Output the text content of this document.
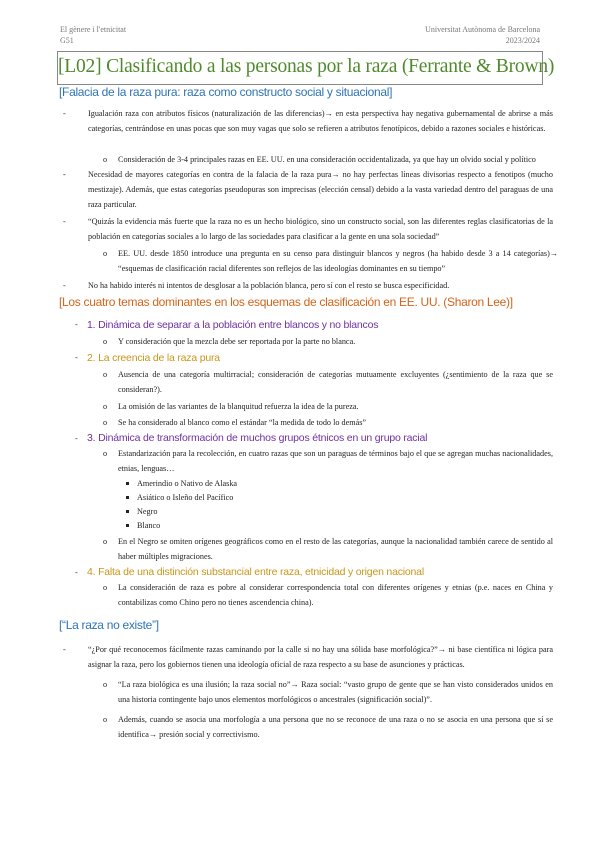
El gènere i l'etnicitat
G51
Universitat Autònoma de Barcelona
2023/2024
[L02] Clasificando a las personas por la raza (Ferrante & Brown)
[Falacia de la raza pura: raza como constructo social y situacional]
-	Igualación raza con atributos físicos (naturalización de las diferencias)→ en esta perspectiva hay negativa gubernamental de abrirse a más categorías, centrándose en unas pocas que son muy vagas que solo se refieren a atributos fenotípicos, debido a razones sociales e históricas.
o Consideración de 3-4 principales razas en EE. UU. en una consideración occidentalizada, ya que hay un olvido social y político
-	Necesidad de mayores categorías en contra de la falacia de la raza pura→ no hay perfectas líneas divisorias respecto a fenotipos (mucho mestizaje). Además, que estas categorías pseudopuras son imprecisas (elección censal) debido a la vasta variedad dentro del paraguas de una raza particular.
-	“Quizás la evidencia más fuerte que la raza no es un hecho biológico, sino un constructo social, son las diferentes reglas clasificatorias de la población en categorías sociales a lo largo de las sociedades para clasificar a la gente en una sola sociedad”
o EE. UU. desde 1850 introduce una pregunta en su censo para distinguir blancos y negros (ha habido desde 3 a 14 categorías)→ “esquemas de clasificación racial diferentes son reflejos de las ideologías dominantes en su tiempo”
-	No ha habido interés ni intentos de desglosar a la población blanca, pero sí con el resto se busca especificidad.
[Los cuatro temas dominantes en los esquemas de clasificación en EE. UU. (Sharon Lee)]
- 1. Dinámica de separar a la población entre blancos y no blancos
o Y consideración que la mezcla debe ser reportada por la parte no blanca.
- 2. La creencia de la raza pura
o Ausencia de una categoría multirracial; consideración de categorías mutuamente excluyentes (¿sentimiento de la raza que se consideran?).
o La omisión de las variantes de la blanquitud refuerza la idea de la pureza.
o Se ha considerado al blanco como el estándar “la medida de todo lo demás”
- 3. Dinámica de transformación de muchos grupos étnicos en un grupo racial
o Estandarización para la recolección, en cuatro razas que son un paraguas de términos bajo el que se agregan muchas nacionalidades, etnias, lenguas…
Amerindio o Nativo de Alaska
Asiático o Isleño del Pacífico
Negro
Blanco
o En el Negro se omiten orígenes geográficos como en el resto de las categorías, aunque la nacionalidad también carece de sentido al haber múltiples migraciones.
- 4. Falta de una distinción substancial entre raza, etnicidad y origen nacional
o La consideración de raza es pobre al considerar correspondencia total con diferentes orígenes y etnias (p.e. naces en China y contabilizas como Chino pero no tienes ascendencia china).
[“La raza no existe”]
-	“¿Por qué reconocemos fácilmente razas caminando por la calle si no hay una sólida base morfológica?”→ ni base científica ni lógica para asignar la raza, pero los gobiernos tienen una ideología oficial de raza respecto a su base de asunciones y prácticas.
o “La raza biológica es una ilusión; la raza social no”→ Raza social: “vasto grupo de gente que se han visto considerados unidos en una historia contingente bajo unos elementos morfológicos o ancestrales (significación social)”.
o Además, cuando se asocia una morfología a una persona que no se reconoce de una raza o no se asocia en una persona que sí se identifica→ presión social y correctivismo.
